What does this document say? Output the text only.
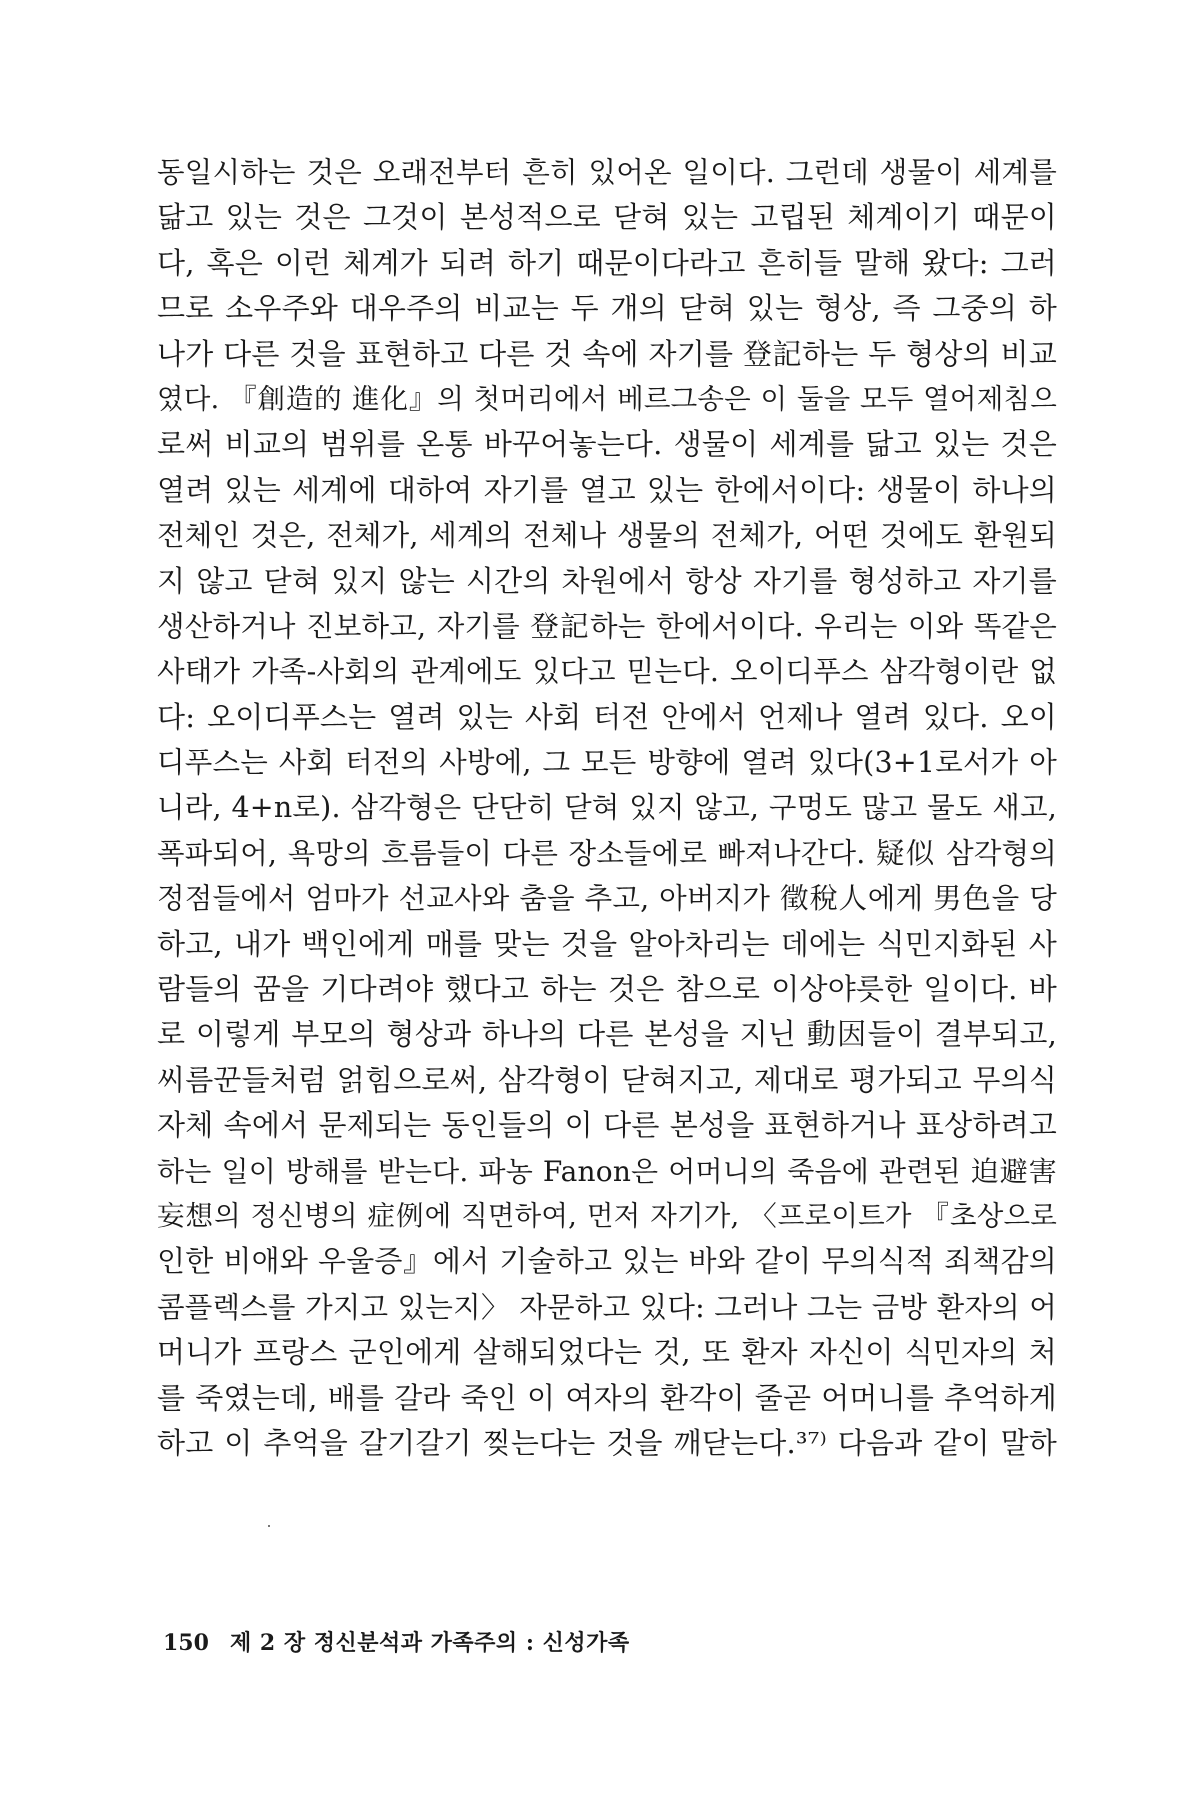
동일시하는 것은 오래전부터 흔히 있어온 일이다. 그런데 생물이 세계를
닮고 있는 것은 그것이 본성적으로 닫혀 있는 고립된 체계이기 때문이
다, 혹은 이런 체계가 되려 하기 때문이다라고 흔히들 말해 왔다: 그러
므로 소우주와 대우주의 비교는 두 개의 닫혀 있는 형상, 즉 그중의 하
나가 다른 것을 표현하고 다른 것 속에 자기를 登記하는 두 형상의 비교
였다. 『創造的 進化』의 첫머리에서 베르그송은 이 둘을 모두 열어제침으
로써 비교의 범위를 온통 바꾸어놓는다. 생물이 세계를 닮고 있는 것은
열려 있는 세계에 대하여 자기를 열고 있는 한에서이다: 생물이 하나의
전체인 것은, 전체가, 세계의 전체나 생물의 전체가, 어떤 것에도 환원되
지 않고 닫혀 있지 않는 시간의 차원에서 항상 자기를 형성하고 자기를
생산하거나 진보하고, 자기를 登記하는 한에서이다. 우리는 이와 똑같은
사태가 가족-사회의 관계에도 있다고 믿는다. 오이디푸스 삼각형이란 없
다: 오이디푸스는 열려 있는 사회 터전 안에서 언제나 열려 있다. 오이
디푸스는 사회 터전의 사방에, 그 모든 방향에 열려 있다(3+1로서가 아
니라, 4+n로). 삼각형은 단단히 닫혀 있지 않고, 구멍도 많고 물도 새고,
폭파되어, 욕망의 흐름들이 다른 장소들에로 빠져나간다. 疑似 삼각형의
정점들에서 엄마가 선교사와 춤을 추고, 아버지가 徵稅人에게 男色을 당
하고, 내가 백인에게 매를 맞는 것을 알아차리는 데에는 식민지화된 사
람들의 꿈을 기다려야 했다고 하는 것은 참으로 이상야릇한 일이다. 바
로 이렇게 부모의 형상과 하나의 다른 본성을 지닌 動因들이 결부되고,
씨름꾼들처럼 얽힘으로써, 삼각형이 닫혀지고, 제대로 평가되고 무의식
자체 속에서 문제되는 동인들의 이 다른 본성을 표현하거나 표상하려고
하는 일이 방해를 받는다. 파농 Fanon은 어머니의 죽음에 관련된 迫避害
妄想의 정신병의 症例에 직면하여, 먼저 자기가, 〈프로이트가 『초상으로
인한 비애와 우울증』에서 기술하고 있는 바와 같이 무의식적 죄책감의
콤플렉스를 가지고 있는지〉 자문하고 있다: 그러나 그는 금방 환자의 어
머니가 프랑스 군인에게 살해되었다는 것, 또 환자 자신이 식민자의 처
를 죽였는데, 배를 갈라 죽인 이 여자의 환각이 줄곧 어머니를 추억하게
하고 이 추억을 갈기갈기 찢는다는 것을 깨닫는다.³⁷⁾ 다음과 같이 말하
150 제 2 장 정신분석과 가족주의 : 신성가족
